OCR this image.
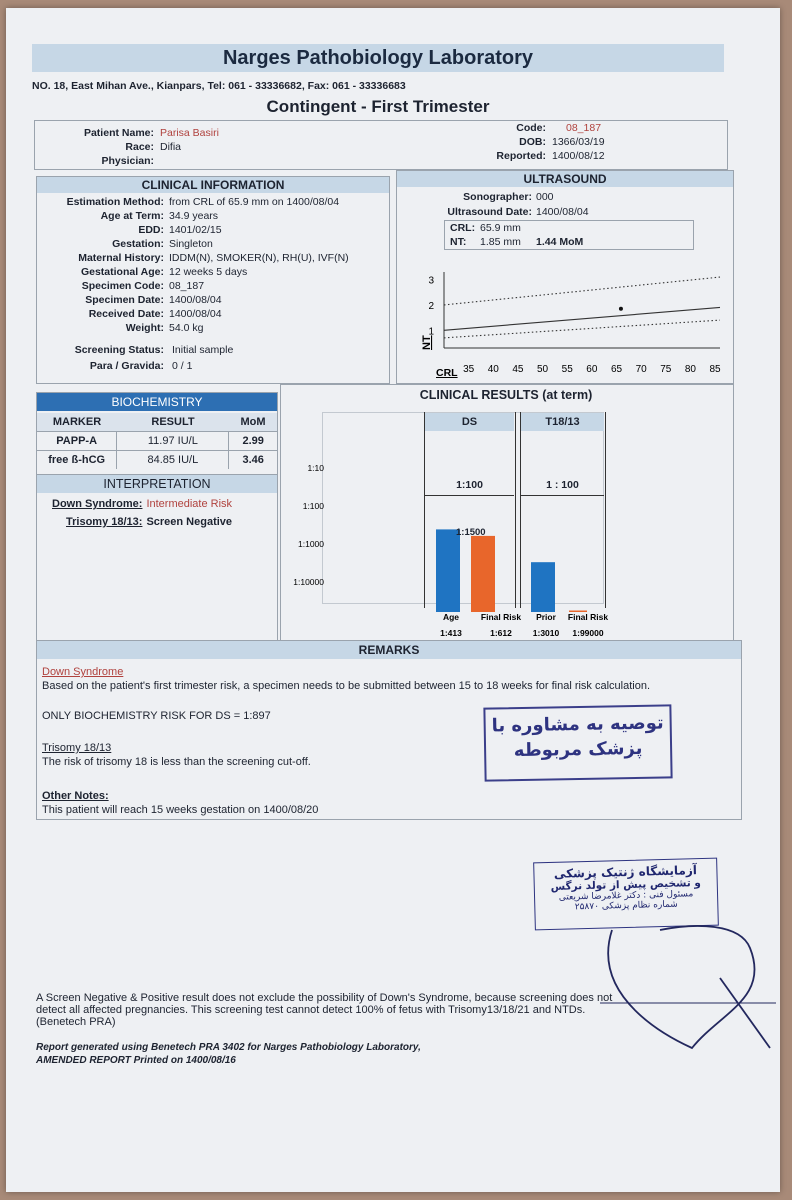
Narges Pathobiology Laboratory
NO. 18, East Mihan Ave., Kianpars, Tel: 061 - 33336682, Fax: 061 - 33336683
Contingent - First Trimester
Patient Name: Parisa Basiri
Race: Difia
Physician:
Code: 08_187
DOB: 1366/03/19
Reported: 1400/08/12
CLINICAL INFORMATION
Estimation Method: from CRL of 65.9 mm on 1400/08/04
Age at Term: 34.9 years
EDD: 1401/02/15
Gestation: Singleton
Maternal History: IDDM(N), SMOKER(N), RH(U), IVF(N)
Gestational Age: 12 weeks 5 days
Specimen Code: 08_187
Specimen Date: 1400/08/04
Received Date: 1400/08/04
Weight: 54.0 kg
Screening Status: Initial sample
Para / Gravida: 0 / 1
ULTRASOUND
Sonographer: 000
Ultrasound Date: 1400/08/04
CRL: 65.9 mm
NT:	1.85 mm	1.44 MoM
1
2
3
35 40 45 50 55 60 65 70 75 80 85
NT
CRL
BIOCHEMISTRY
MARKER	RESULT	MoM
PAPP-A	11.97 IU/L	2.99
free ß-hCG	84.85 IU/L	3.46
INTERPRETATION
Down Syndrome: Intermediate Risk
Trisomy 18/13: Screen Negative
CLINICAL RESULTS (at term)
DS	T18/13
1:100	1 : 100
1:10
1:100
1:1000
1:10000
Age
1:413
Final Risk
1:612
Prior
1:3010
Final Risk
1:99000
1:1500
REMARKS
Down Syndrome
Based on the patient's first trimester risk, a specimen needs to be submitted between 15 to 18 weeks for final risk calculation.
ONLY BIOCHEMISTRY RISK FOR DS = 1:897
Trisomy 18/13
The risk of trisomy 18 is less than the screening cut-off.
Other Notes:
This patient will reach 15 weeks gestation on 1400/08/20
توصیه به مشاوره با
پزشک مربوطه
آزمایشگاه ژنتیک پزشکی
و تشخیص پیش از تولد نرگس
مسئول فنی : دکتر غلامرضا شریعتی
شماره نظام پزشکی ۲۵۸۷۰
A Screen Negative & Positive result does not exclude the possibility of Down's Syndrome, because screening does not detect all affected pregnancies. This screening test cannot detect 100% of fetus with Trisomy13/18/21 and NTDs.(Benetech PRA)
Report generated using Benetech PRA 3402 for Narges Pathobiology Laboratory,
AMENDED REPORT Printed on 1400/08/16
